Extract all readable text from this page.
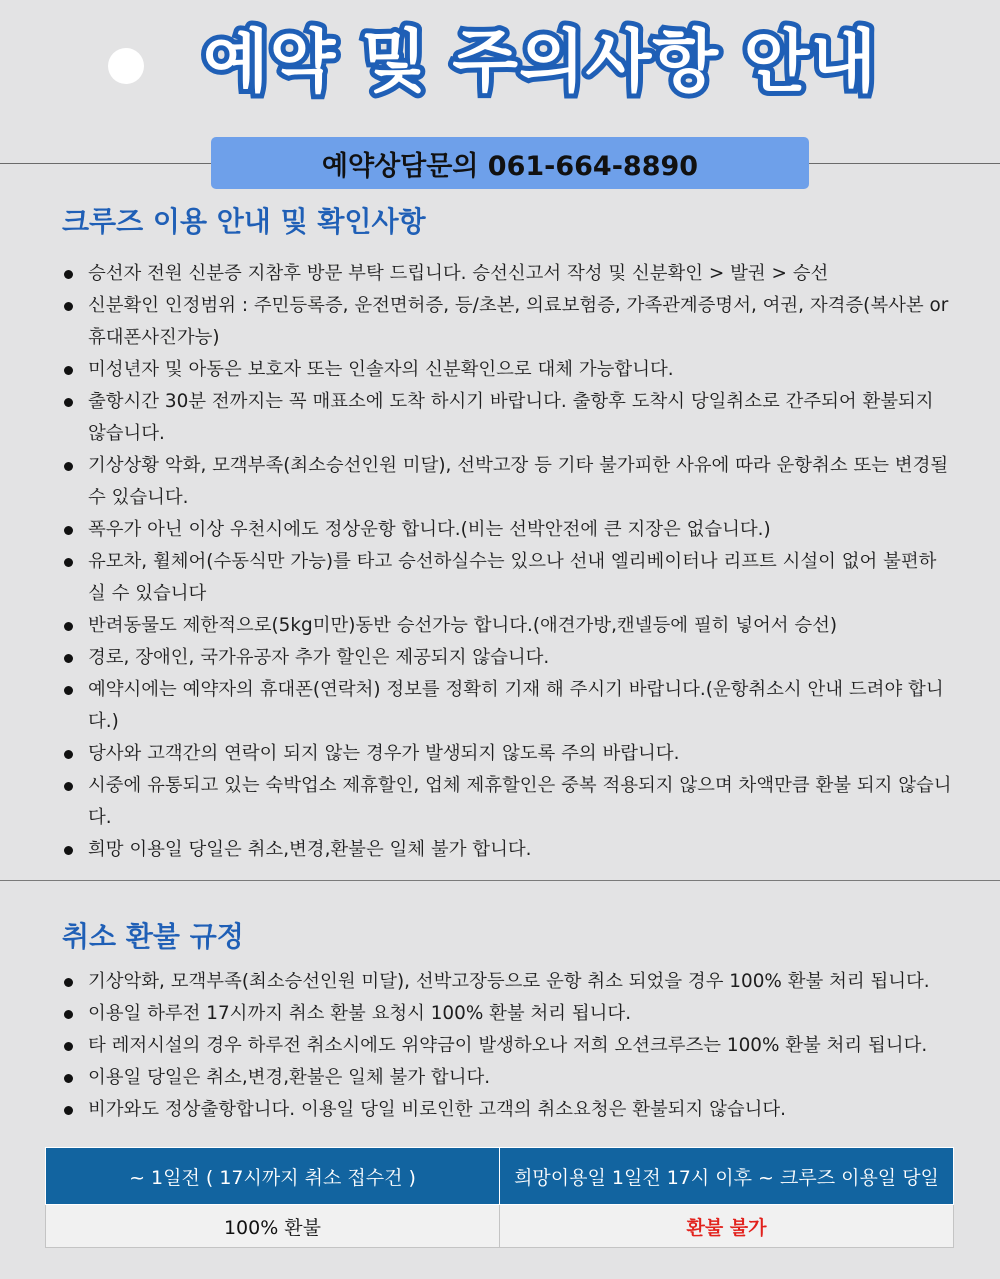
예약 및 주의사항 안내
예약상담문의 061-664-8890
크루즈 이용 안내 및 확인사항
승선자 전원 신분증 지참후 방문 부탁 드립니다. 승선신고서 작성 및 신분확인 > 발권 > 승선
신분확인 인정범위 : 주민등록증, 운전면허증, 등/초본, 의료보험증, 가족관계증명서, 여권, 자격증(복사본 or휴대폰사진가능)
미성년자 및 아동은 보호자 또는 인솔자의 신분확인으로 대체 가능합니다.
출항시간 30분 전까지는 꼭 매표소에 도착 하시기 바랍니다. 출항후 도착시 당일취소로 간주되어 환불되지 않습니다.
기상상황 악화, 모객부족(최소승선인원 미달), 선박고장 등 기타 불가피한 사유에 따라 운항취소 또는 변경될 수 있습니다.
폭우가 아닌 이상 우천시에도 정상운항 합니다.(비는 선박안전에 큰 지장은 없습니다.)
유모차, 휠체어(수동식만 가능)를 타고 승선하실수는 있으나 선내 엘리베이터나 리프트 시설이 없어 불편하실 수 있습니다
반려동물도 제한적으로(5kg미만)동반 승선가능 합니다.(애견가방,캔넬등에 필히 넣어서 승선)
경로, 장애인, 국가유공자 추가 할인은 제공되지 않습니다.
예약시에는 예약자의 휴대폰(연락처) 정보를 정확히 기재 해 주시기 바랍니다.(운항취소시 안내 드려야 합니다.)
당사와 고객간의 연락이 되지 않는 경우가 발생되지 않도록 주의 바랍니다.
시중에 유통되고 있는 숙박업소 제휴할인, 업체 제휴할인은 중복 적용되지 않으며 차액만큼 환불 되지 않습니다.
희망 이용일 당일은 취소,변경,환불은 일체 불가 합니다.
취소 환불 규정
기상악화, 모객부족(최소승선인원 미달), 선박고장등으로 운항 취소 되었을 경우 100% 환불 처리 됩니다.
이용일 하루전 17시까지 취소 환불 요청시 100% 환불 처리 됩니다.
타 레저시설의 경우 하루전 취소시에도 위약금이 발생하오나 저희 오션크루즈는 100% 환불 처리 됩니다.
이용일 당일은 취소,변경,환불은 일체 불가 합니다.
비가와도 정상출항합니다. 이용일 당일 비로인한 고객의 취소요청은 환불되지 않습니다.
~ 1일전 ( 17시까지 취소 접수건 )	희망이용일 1일전 17시 이후 ~ 크루즈 이용일 당일
100% 환불	환불 불가
